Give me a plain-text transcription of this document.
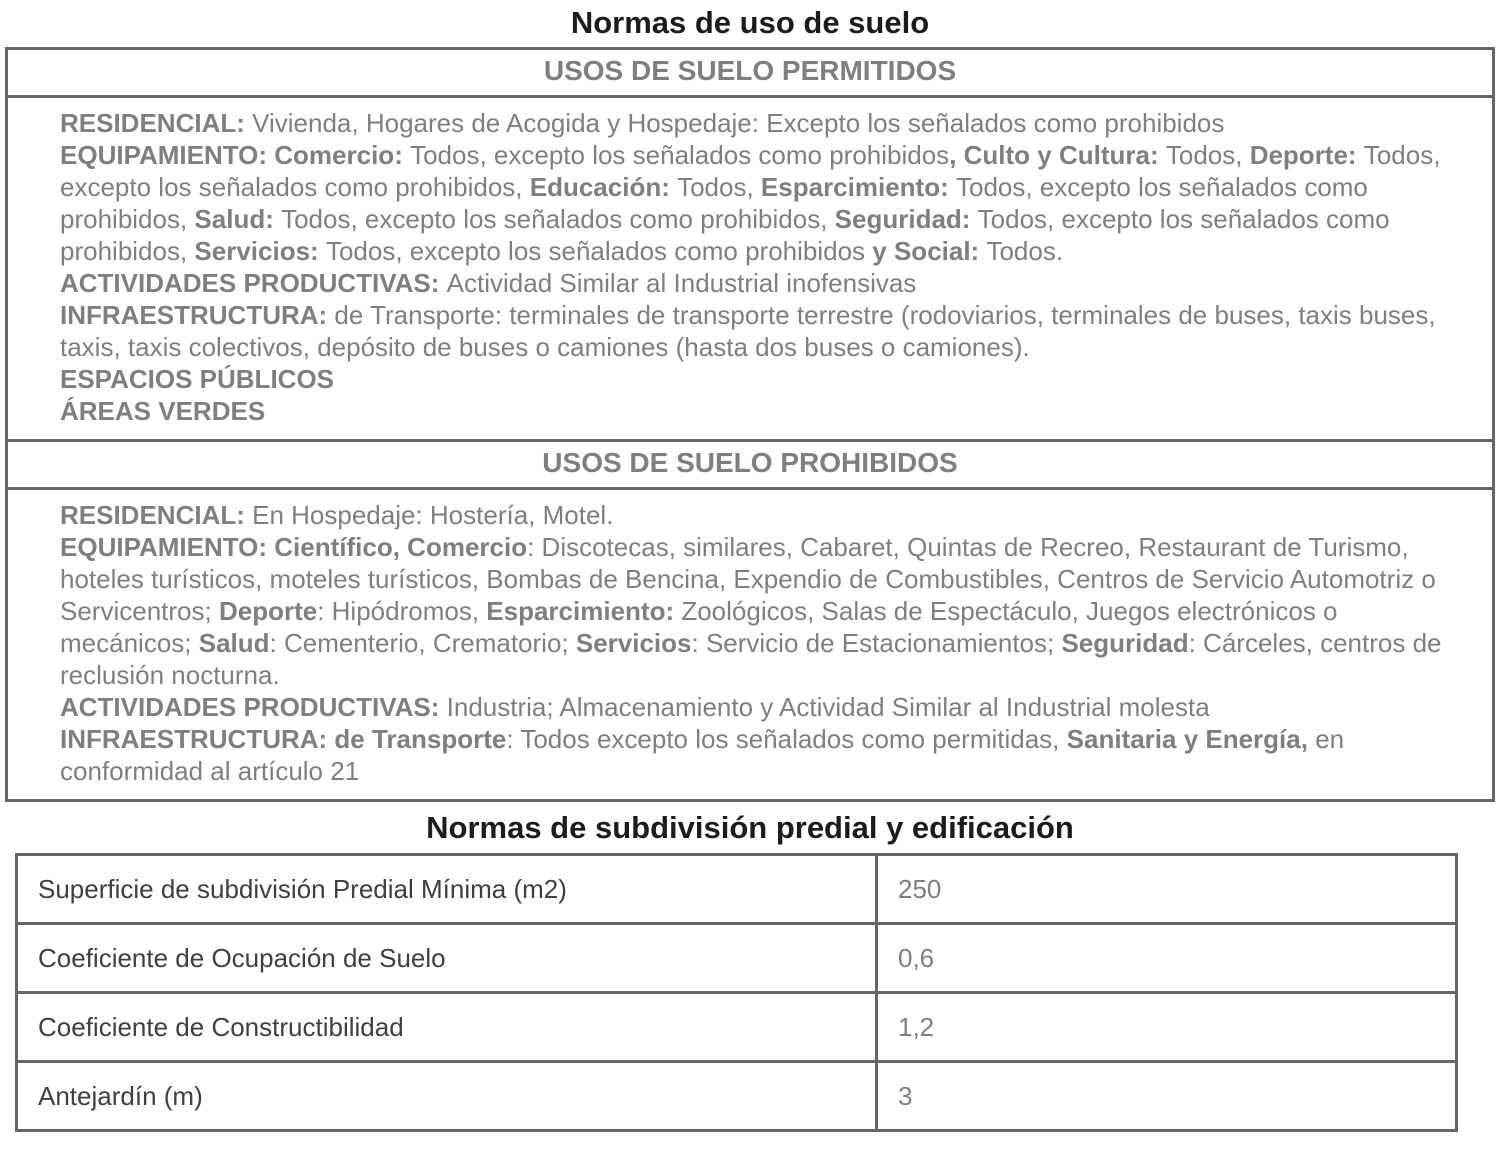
Normas de uso de suelo
USOS DE SUELO PERMITIDOS

RESIDENCIAL: Vivienda, Hogares de Acogida y Hospedaje: Excepto los señalados como prohibidos

EQUIPAMIENTO: Comercio: Todos, excepto los señalados como prohibidos, Culto y Cultura: Todos, Deporte: Todos, excepto los señalados como prohibidos, Educación: Todos, Esparcimiento: Todos, excepto los señalados como prohibidos, Salud: Todos, excepto los señalados como prohibidos, Seguridad: Todos, excepto los señalados como prohibidos, Servicios: Todos, excepto los señalados como prohibidos y Social: Todos.

ACTIVIDADES PRODUCTIVAS: Actividad Similar al Industrial inofensivas

INFRAESTRUCTURA: de Transporte: terminales de transporte terrestre (rodoviarios, terminales de buses, taxis buses, taxis, taxis colectivos, depósito de buses o camiones (hasta dos buses o camiones).

ESPACIOS PÚBLICOS

ÁREAS VERDES

USOS DE SUELO PROHIBIDOS

RESIDENCIAL: En Hospedaje: Hostería, Motel.

EQUIPAMIENTO: Científico, Comercio: Discotecas, similares, Cabaret, Quintas de Recreo, Restaurant de Turismo, hoteles turísticos, moteles turísticos, Bombas de Bencina, Expendio de Combustibles, Centros de Servicio Automotriz o Servicentros; Deporte: Hipódromos, Esparcimiento: Zoológicos, Salas de Espectáculo, Juegos electrónicos o mecánicos; Salud: Cementerio, Crematorio; Servicios: Servicio de Estacionamientos; Seguridad: Cárceles, centros de reclusión nocturna.

ACTIVIDADES PRODUCTIVAS: Industria; Almacenamiento y Actividad Similar al Industrial molesta

INFRAESTRUCTURA: de Transporte: Todos excepto los señalados como permitidas, Sanitaria y Energía, en conformidad al artículo 21

Normas de subdivisión predial y edificación
Superficie de subdivisión Predial Mínima (m2)	250
Coeficiente de Ocupación de Suelo	0,6
Coeficiente de Constructibilidad	1,2
Antejardín (m)	3
